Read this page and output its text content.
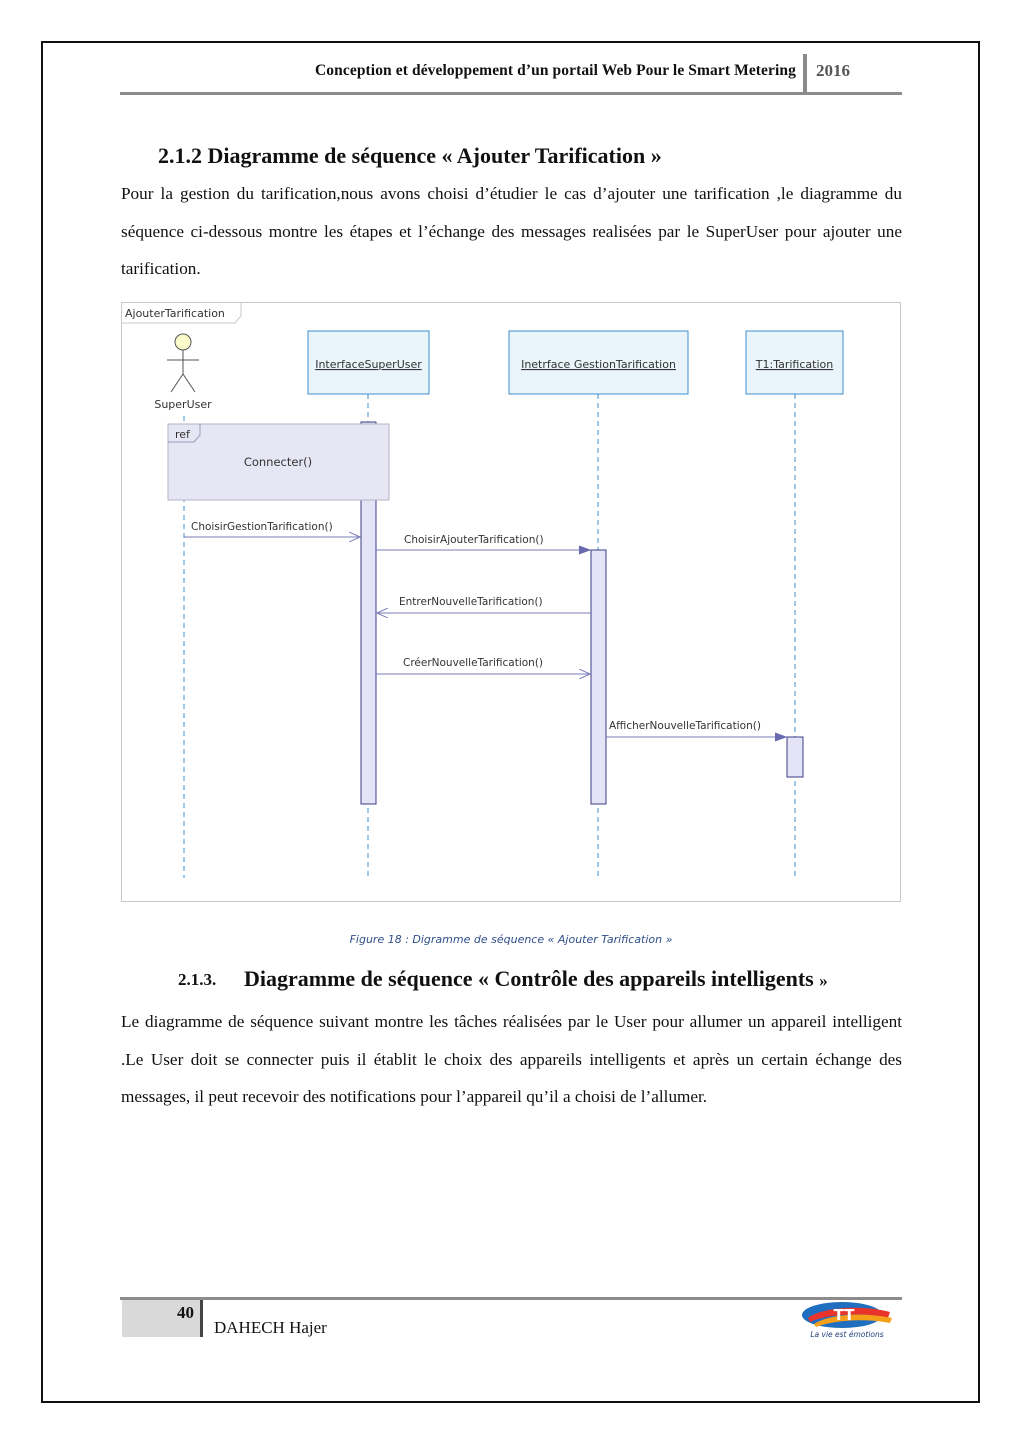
Conception et développement d’un portail Web Pour le Smart Metering 2016
2.1.2 Diagramme de séquence « Ajouter Tarification »

Pour la gestion du tarification,nous avons choisi d’étudier le cas d’ajouter une tarification ,le diagramme du séquence ci-dessous montre les étapes et l’échange des messages realisées par le SuperUser pour ajouter une tarification.

AjouterTarification
SuperUser
InterfaceSuperUser	Inetrface GestionTarification	T1:Tarification
ref
Connecter()
ChoisirGestionTarification()
ChoisirAjouterTarification()
EntrerNouvelleTarification()
CréerNouvelleTarification()
AfficherNouvelleTarification()
Figure 18 : Digramme de séquence « Ajouter Tarification »
2.1.3. Diagramme de séquence « Contrôle des appareils intelligents »

Le diagramme de séquence suivant montre les tâches réalisées par le User pour allumer un appareil intelligent .Le User doit se connecter puis il établit le choix des appareils intelligents et après un certain échange des messages, il peut recevoir des notifications pour l’appareil qu’il a choisi de l’allumer.

40
DAHECH Hajer
TT
La vie est émotions
